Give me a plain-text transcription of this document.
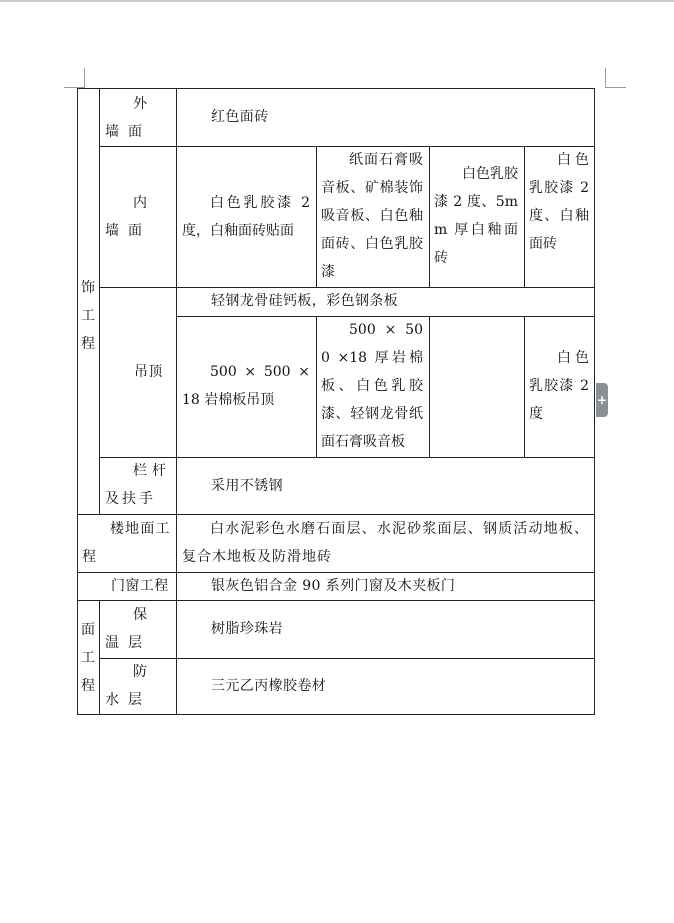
+
饰工程
面工程
外墙面
内墙面
吊顶
栏杆及扶手
楼地面工程
门窗工程
保温层
防水层
红色面砖
白色乳胶漆 2 度，白釉面砖贴面
纸面石膏吸音板、矿棉装饰吸音板、白色釉面砖、白色乳胶漆
白色乳胶漆 2 度、5mm 厚白釉面砖
白色乳胶漆 2 度、白釉面砖
轻钢龙骨硅钙板，彩色钢条板
500 × 500 × 18 岩棉板吊顶
500 × 500 ×18 厚岩棉板、白色乳胶漆、轻钢龙骨纸面石膏吸音板
白色乳胶漆 2 度
采用不锈钢
白水泥彩色水磨石面层、水泥砂浆面层、钢质活动地板、复合木地板及防滑地砖
银灰色铝合金 90 系列门窗及木夹板门
树脂珍珠岩
三元乙丙橡胶卷材
